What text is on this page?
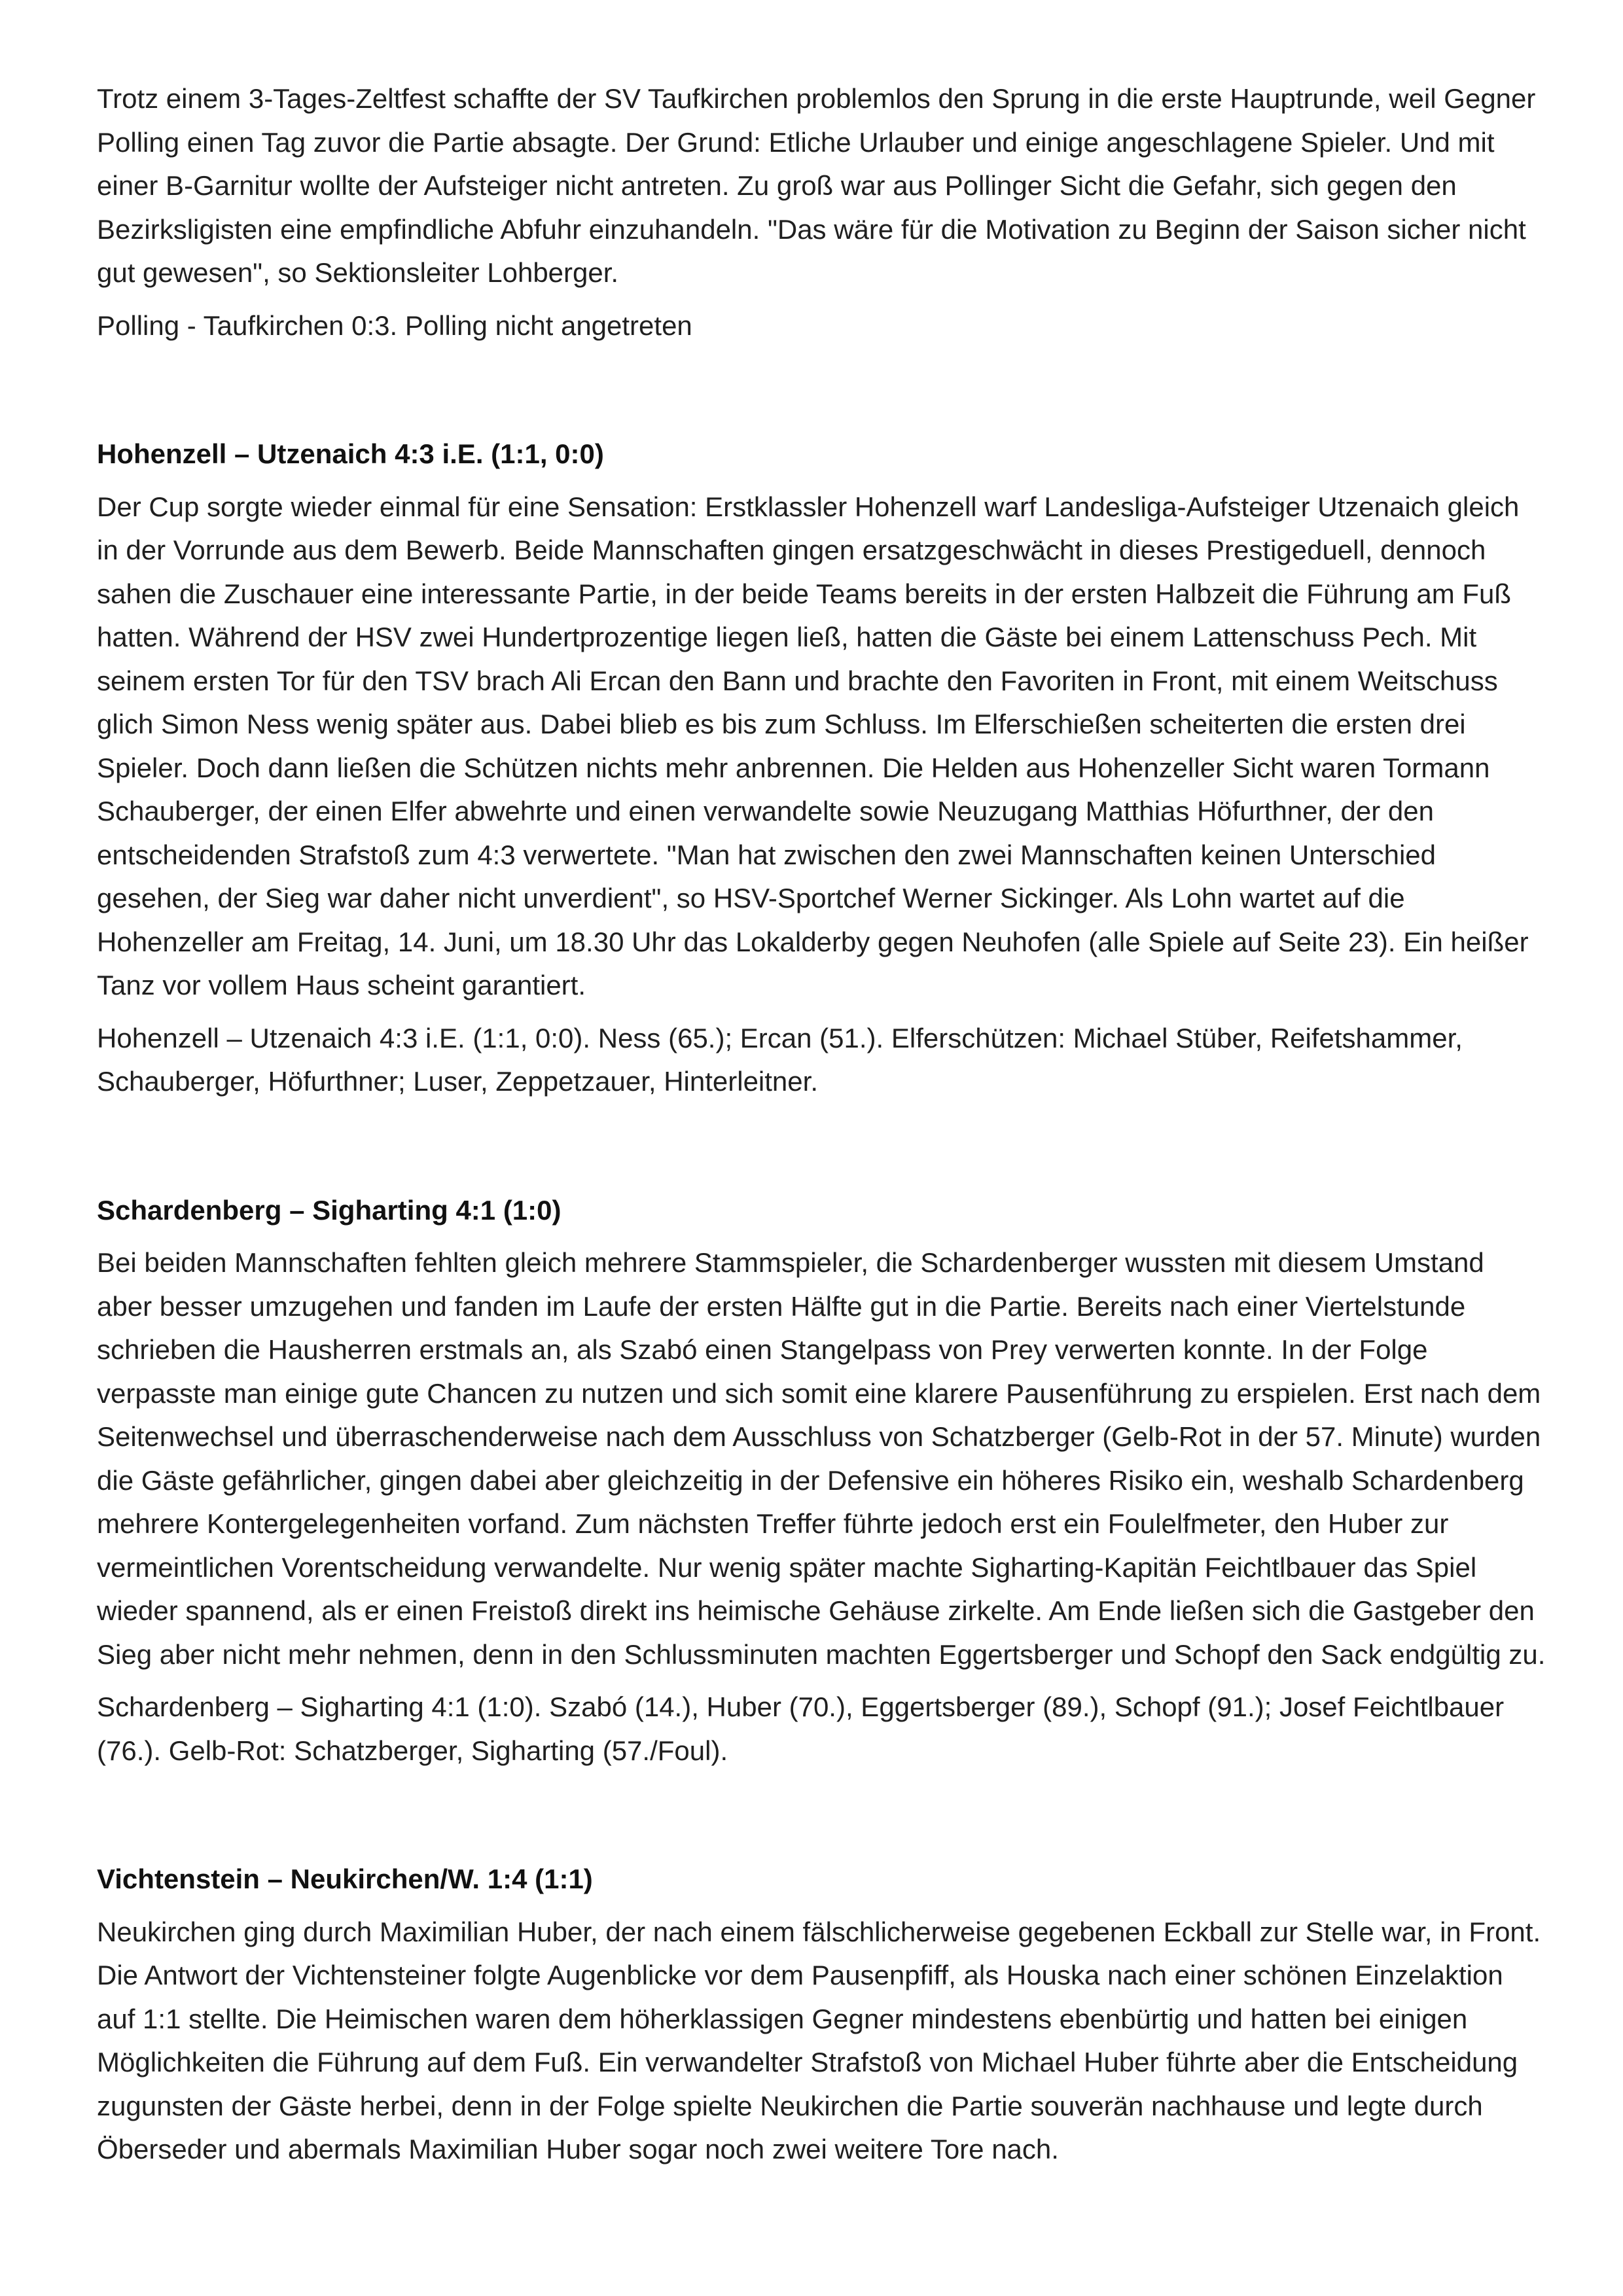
Trotz einem 3-Tages-Zeltfest schaffte der SV Taufkirchen problemlos den Sprung in die erste Hauptrunde, weil Gegner Polling einen Tag zuvor die Partie absagte. Der Grund: Etliche Urlauber und einige angeschlagene Spieler. Und mit einer B-Garnitur wollte der Aufsteiger nicht antreten. Zu groß war aus Pollinger Sicht die Gefahr, sich gegen den Bezirksligisten eine empfindliche Abfuhr einzuhandeln. "Das wäre für die Motivation zu Beginn der Saison sicher nicht gut gewesen", so Sektionsleiter Lohberger.

Polling - Taufkirchen 0:3. Polling nicht angetreten

Hohenzell – Utzenaich 4:3 i.E. (1:1, 0:0)

Der Cup sorgte wieder einmal für eine Sensation: Erstklassler Hohenzell warf Landesliga-Aufsteiger Utzenaich gleich in der Vorrunde aus dem Bewerb. Beide Mannschaften gingen ersatzgeschwächt in dieses Prestigeduell, dennoch sahen die Zuschauer eine interessante Partie, in der beide Teams bereits in der ersten Halbzeit die Führung am Fuß hatten. Während der HSV zwei Hundertprozentige liegen ließ, hatten die Gäste bei einem Lattenschuss Pech. Mit seinem ersten Tor für den TSV brach Ali Ercan den Bann und brachte den Favoriten in Front, mit einem Weitschuss glich Simon Ness wenig später aus. Dabei blieb es bis zum Schluss. Im Elferschießen scheiterten die ersten drei Spieler. Doch dann ließen die Schützen nichts mehr anbrennen. Die Helden aus Hohenzeller Sicht waren Tormann Schauberger, der einen Elfer abwehrte und einen verwandelte sowie Neuzugang Matthias Höfurthner, der den entscheidenden Strafstoß zum 4:3 verwertete. "Man hat zwischen den zwei Mannschaften keinen Unterschied gesehen, der Sieg war daher nicht unverdient", so HSV-Sportchef Werner Sickinger. Als Lohn wartet auf die Hohenzeller am Freitag, 14. Juni, um 18.30 Uhr das Lokalderby gegen Neuhofen (alle Spiele auf Seite 23). Ein heißer Tanz vor vollem Haus scheint garantiert.

Hohenzell – Utzenaich 4:3 i.E. (1:1, 0:0). Ness (65.); Ercan (51.). Elferschützen: Michael Stüber, Reifetshammer, Schauberger, Höfurthner; Luser, Zeppetzauer, Hinterleitner.

Schardenberg – Sigharting 4:1 (1:0)

Bei beiden Mannschaften fehlten gleich mehrere Stammspieler, die Schardenberger wussten mit diesem Umstand aber besser umzugehen und fanden im Laufe der ersten Hälfte gut in die Partie. Bereits nach einer Viertelstunde schrieben die Hausherren erstmals an, als Szabó einen Stangelpass von Prey verwerten konnte. In der Folge verpasste man einige gute Chancen zu nutzen und sich somit eine klarere Pausenführung zu erspielen. Erst nach dem Seitenwechsel und überraschenderweise nach dem Ausschluss von Schatzberger (Gelb-Rot in der 57. Minute) wurden die Gäste gefährlicher, gingen dabei aber gleichzeitig in der Defensive ein höheres Risiko ein, weshalb Schardenberg mehrere Kontergelegenheiten vorfand. Zum nächsten Treffer führte jedoch erst ein Foulelfmeter, den Huber zur vermeintlichen Vorentscheidung verwandelte. Nur wenig später machte Sigharting-Kapitän Feichtlbauer das Spiel wieder spannend, als er einen Freistoß direkt ins heimische Gehäuse zirkelte. Am Ende ließen sich die Gastgeber den Sieg aber nicht mehr nehmen, denn in den Schlussminuten machten Eggertsberger und Schopf den Sack endgültig zu.

Schardenberg – Sigharting 4:1 (1:0). Szabó (14.), Huber (70.), Eggertsberger (89.), Schopf (91.); Josef Feichtlbauer (76.). Gelb-Rot: Schatzberger, Sigharting (57./Foul).

Vichtenstein – Neukirchen/W. 1:4 (1:1)

Neukirchen ging durch Maximilian Huber, der nach einem fälschlicherweise gegebenen Eckball zur Stelle war, in Front. Die Antwort der Vichtensteiner folgte Augenblicke vor dem Pausenpfiff, als Houska nach einer schönen Einzelaktion auf 1:1 stellte. Die Heimischen waren dem höherklassigen Gegner mindestens ebenbürtig und hatten bei einigen Möglichkeiten die Führung auf dem Fuß. Ein verwandelter Strafstoß von Michael Huber führte aber die Entscheidung zugunsten der Gäste herbei, denn in der Folge spielte Neukirchen die Partie souverän nachhause und legte durch Öberseder und abermals Maximilian Huber sogar noch zwei weitere Tore nach.
